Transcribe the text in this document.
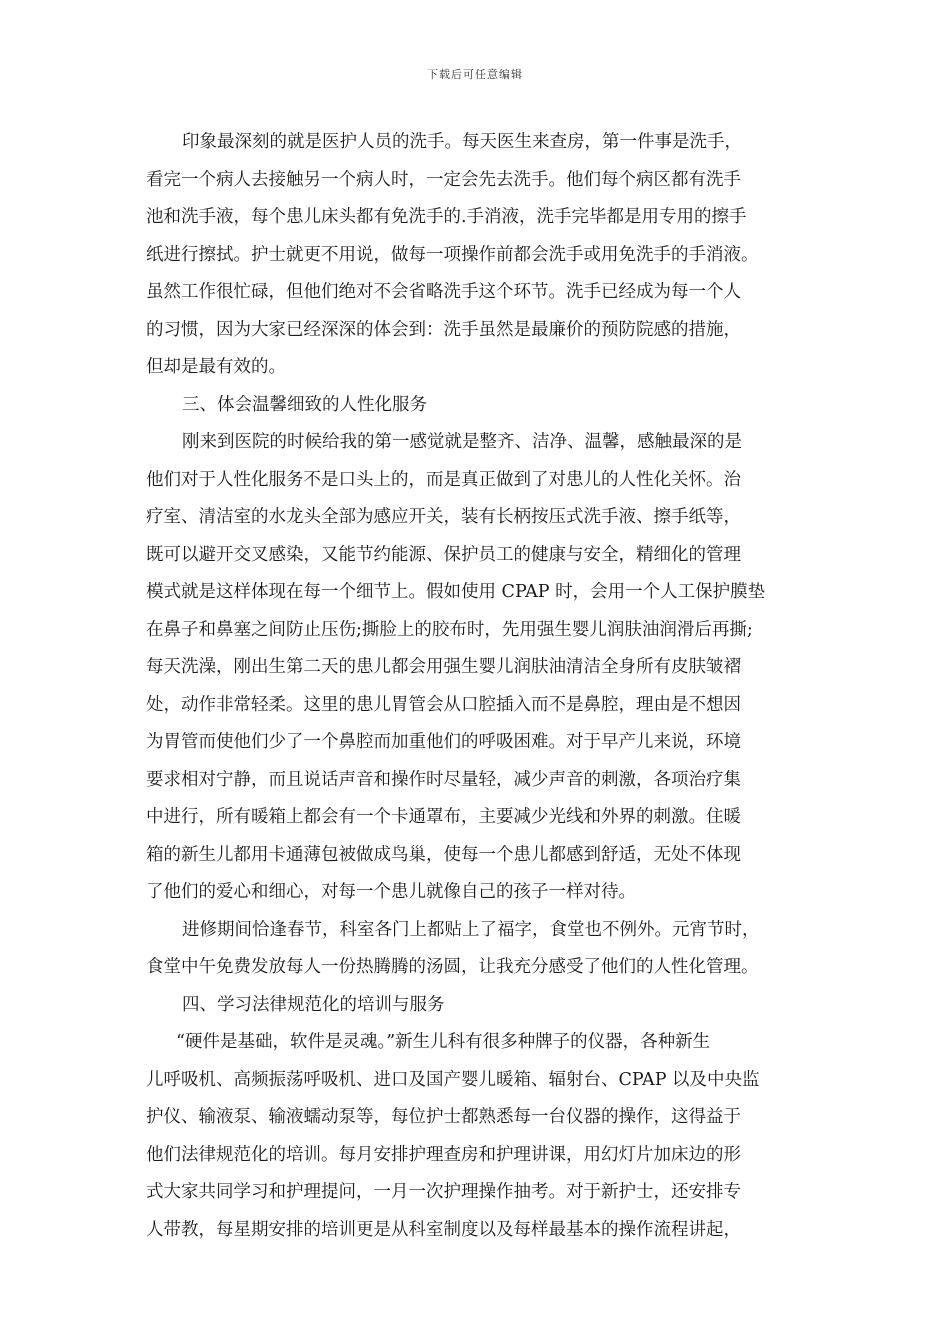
下载后可任意编辑
印象最深刻的就是医护人员的洗手。每天医生来查房，第一件事是洗手，
看完一个病人去接触另一个病人时，一定会先去洗手。他们每个病区都有洗手
池和洗手液，每个患儿床头都有免洗手的.手消液，洗手完毕都是用专用的擦手
纸进行擦拭。护士就更不用说，做每一项操作前都会洗手或用免洗手的手消液。
虽然工作很忙碌，但他们绝对不会省略洗手这个环节。洗手已经成为每一个人
的习惯，因为大家已经深深的体会到：洗手虽然是最廉价的预防院感的措施，
但却是最有效的。
三、体会温馨细致的人性化服务
刚来到医院的时候给我的第一感觉就是整齐、洁净、温馨，感触最深的是
他们对于人性化服务不是口头上的，而是真正做到了对患儿的人性化关怀。治
疗室、清洁室的水龙头全部为感应开关，装有长柄按压式洗手液、擦手纸等，
既可以避开交叉感染，又能节约能源、保护员工的健康与安全，精细化的管理
模式就是这样体现在每一个细节上。假如使用 CPAP 时，会用一个人工保护膜垫
在鼻子和鼻塞之间防止压伤;撕脸上的胶布时，先用强生婴儿润肤油润滑后再撕;
每天洗澡，刚出生第二天的患儿都会用强生婴儿润肤油清洁全身所有皮肤皱褶
处，动作非常轻柔。这里的患儿胃管会从口腔插入而不是鼻腔，理由是不想因
为胃管而使他们少了一个鼻腔而加重他们的呼吸困难。对于早产儿来说，环境
要求相对宁静，而且说话声音和操作时尽量轻，减少声音的刺激，各项治疗集
中进行，所有暖箱上都会有一个卡通罩布，主要减少光线和外界的刺激。住暖
箱的新生儿都用卡通薄包被做成鸟巢，使每一个患儿都感到舒适，无处不体现
了他们的爱心和细心，对每一个患儿就像自己的孩子一样对待。
进修期间恰逢春节，科室各门上都贴上了福字，食堂也不例外。元宵节时，
食堂中午免费发放每人一份热腾腾的汤圆，让我充分感受了他们的人性化管理。
四、学习法律规范化的培训与服务
“硬件是基础，软件是灵魂。”新生儿科有很多种牌子的仪器，各种新生
儿呼吸机、高频振荡呼吸机、进口及国产婴儿暖箱、辐射台、CPAP 以及中央监
护仪、输液泵、输液蠕动泵等，每位护士都熟悉每一台仪器的操作，这得益于
他们法律规范化的培训。每月安排护理查房和护理讲课，用幻灯片加床边的形
式大家共同学习和护理提问，一月一次护理操作抽考。对于新护士，还安排专
人带教，每星期安排的培训更是从科室制度以及每样最基本的操作流程讲起，
